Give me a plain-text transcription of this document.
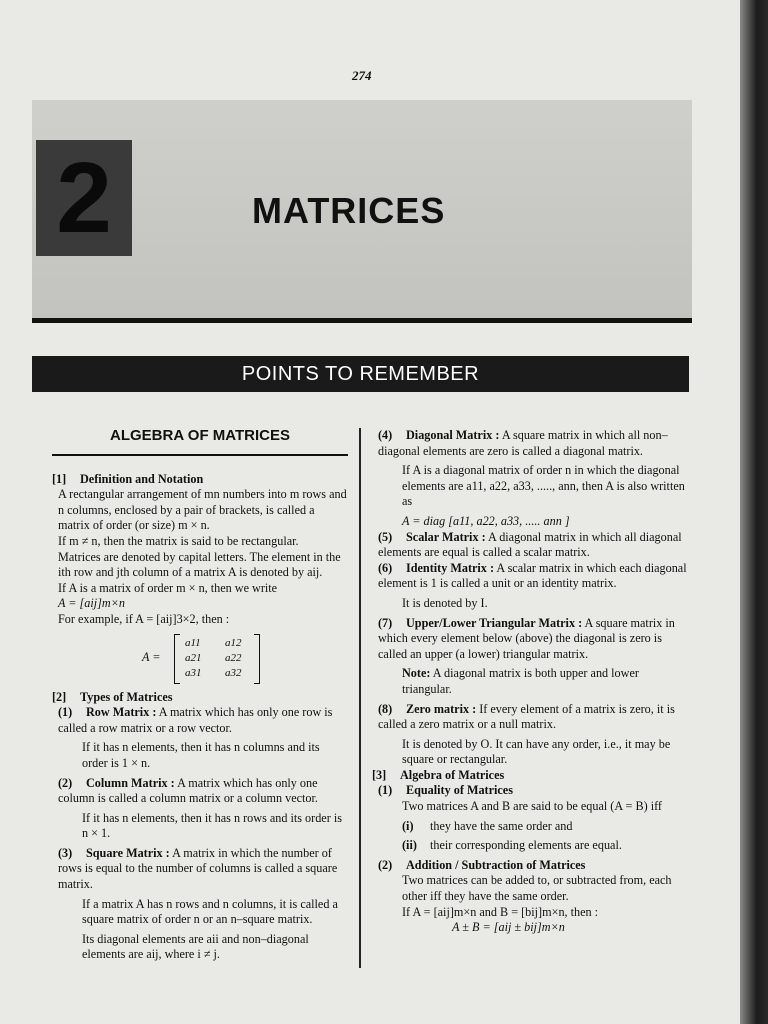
274
2	MATRICES
POINTS TO REMEMBER
ALGEBRA OF MATRICES

[1] Definition and Notation

A rectangular arrangement of mn numbers into m rows and n columns, enclosed by a pair of brackets, is called a matrix of order (or size) m × n.

If m ≠ n, then the matrix is said to be rectangular.

Matrices are denoted by capital letters. The element in the ith row and jth column of a matrix A is denoted by aij.

If A is a matrix of order m × n, then we write

A = [aij]m×n

For example, if A = [aij]3×2, then :

A =
a11 a12
a21 a22
a31 a32

[2] Types of Matrices

(1) Row Matrix : A matrix which has only one row is called a row matrix or a row vector.

If it has n elements, then it has n columns and its order is 1 × n.

(2) Column Matrix : A matrix which has only one column is called a column matrix or a column vector.

If it has n elements, then it has n rows and its order is n × 1.

(3) Square Matrix : A matrix in which the number of rows is equal to the number of columns is called a square matrix.

If a matrix A has n rows and n columns, it is called a square matrix of order n or an n–square matrix.

Its diagonal elements are aii and non–diagonal elements are aij, where i ≠ j.

(4) Diagonal Matrix : A square matrix in which all non–diagonal elements are zero is called a diagonal matrix.

If A is a diagonal matrix of order n in which the diagonal elements are a11, a22, a33, ....., ann, then A is also written as

A = diag [a11, a22, a33, ..... ann ]

(5) Scalar Matrix : A diagonal matrix in which all diagonal elements are equal is called a scalar matrix.

(6) Identity Matrix : A scalar matrix in which each diagonal element is 1 is called a unit or an identity matrix.

It is denoted by I.

(7) Upper/Lower Triangular Matrix : A square matrix in which every element below (above) the diagonal is zero is called an upper (a lower) triangular matrix.

Note: A diagonal matrix is both upper and lower triangular.

(8) Zero matrix : If every element of a matrix is zero, it is called a zero matrix or a null matrix.

It is denoted by O. It can have any order, i.e., it may be square or rectangular.

[3] Algebra of Matrices

(1) Equality of Matrices

Two matrices A and B are said to be equal (A = B) iff

(i) they have the same order and

(ii) their corresponding elements are equal.

(2) Addition / Subtraction of Matrices

Two matrices can be added to, or subtracted from, each other iff they have the same order.

If A = [aij]m×n and B = [bij]m×n, then :

A ± B = [aij ± bij]m×n
